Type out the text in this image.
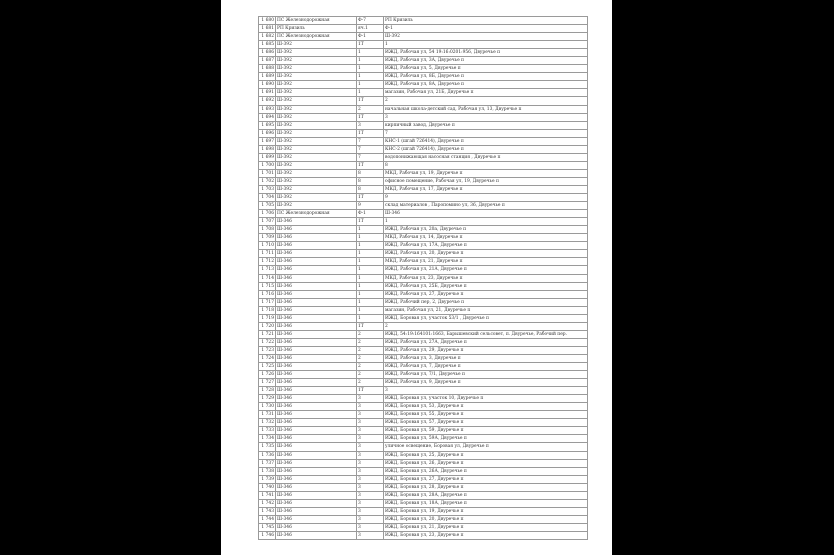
1 680	ПС Железнодорожная	Ф-7	РП Кризиль
1 681	РП Кризиль	яч.1	Ф-1
1 682	ПС Железнодорожная	Ф-1	Ш-392
1 685	Ш-392	1Т	1
1 686	Ш-392	1	ИЖД, Рабочая ул, 54 19:16:0201:956, Двуречье п
1 687	Ш-392	1	ИЖД, Рабочая ул, 3А, Двуречье п
1 688	Ш-392	1	ИЖД, Рабочая ул, 5, Двуречье п
1 689	Ш-392	1	ИЖД, Рабочая ул, 8Б, Двуречье п
1 690	Ш-392	1	ИЖД, Рабочая ул, 8А, Двуречье п
1 691	Ш-392	1	магазин, Рабочая ул, 21Б, Двуречье п
1 692	Ш-392	1Т	2
1 693	Ш-392	2	начальная школа-детский сад, Рабочая ул, 13, Двуречье п
1 694	Ш-392	1Т	3
1 695	Ш-392	3	кирпичный завод, Двуречье п
1 696	Ш-392	1Т	7
1 697	Ш-392	7	КНС-1 (шгай 726414), Двуречье п
1 698	Ш-392	7	КНС-2 (шгай 726414), Двуречье п
1 699	Ш-392	7	водопонижающая насосная станция , Двуречье п
1 700	Ш-392	1Т	8
1 701	Ш-392	8	МКД, Рабочая ул, 19, Двуречье п
1 702	Ш-392	8	офисное помещение, Рабочая ул, 19, Двуречье п
1 703	Ш-392	8	МКД, Рабочая ул, 17, Двуречье п
1 704	Ш-392	1Т	9
1 705	Ш-392	9	склад материалов , Паропомино ул, 36, Двуречье п
1 706	ПС Железнодорожная	Ф-1	Ш-346
1 707	Ш-346	1Т	1
1 708	Ш-346	1	ИЖД, Рабочая ул, 20а, Двуречье п
1 709	Ш-346	1	МКД, Рабочая ул, 14, Двуречье п
1 710	Ш-346	1	ИЖД, Рабочая ул, 17А, Двуречье п
1 711	Ш-346	1	ИЖД, Рабочая ул, 20, Двуречье п
1 712	Ш-346	1	МКД, Рабочая ул, 21, Двуречье п
1 713	Ш-346	1	ИЖД, Рабочая ул, 21А, Двуречье п
1 714	Ш-346	1	МКД, Рабочая ул, 23, Двуречье п
1 715	Ш-346	1	ИЖД, Рабочая ул, 25Б, Двуречье п
1 716	Ш-346	1	ИЖД, Рабочая ул, 27, Двуречье п
1 717	Ш-346	1	ИЖД, Рабочий пер, 2, Двуречье п
1 718	Ш-346	1	магазин, Рабочая ул, 21, Двуречье п
1 719	Ш-346	1	ИЖД, Боровая ул, участок 53/1 , Двуречье п
1 720	Ш-346	1Т	2
1 721	Ш-346	2	ИЖД, 54:19:164101:1663, Барышевский сельсовет, п. Двуречье, Рабочий пер.
1 722	Ш-346	2	ИЖД, Рабочая ул, 27А, Двуречье п
1 723	Ш-346	2	ИЖД, Рабочая ул, 29, Двуречье п
1 724	Ш-346	2	ИЖД, Рабочая ул, 3, Двуречье п
1 725	Ш-346	2	ИЖД, Рабочая ул, 7, Двуречье п
1 726	Ш-346	2	ИЖД, Рабочая ул, 7/1, Двуречье п
1 727	Ш-346	2	ИЖД, Рабочая ул, 9, Двуречье п
1 728	Ш-346	1Т	3
1 729	Ш-346	3	ИЖД, Боровая ул, участок 10, Двуречье п
1 730	Ш-346	3	ИЖД, Боровая ул, 53, Двуречье п
1 731	Ш-346	3	ИЖД, Боровая ул, 55, Двуречье п
1 732	Ш-346	3	ИЖД, Боровая ул, 57, Двуречье п
1 733	Ш-346	3	ИЖД, Боровая ул, 59, Двуречье п
1 734	Ш-346	3	ИЖД, Боровая ул, 59А, Двуречье п
1 735	Ш-346	3	уличное освещение, Боровая ул, Двуречье п
1 736	Ш-346	3	ИЖД, Боровая ул, 25, Двуречье п
1 737	Ш-346	3	ИЖД, Боровая ул, 26, Двуречье п
1 738	Ш-346	3	ИЖД, Боровая ул, 26А, Двуречье п
1 739	Ш-346	3	ИЖД, Боровая ул, 27, Двуречье п
1 740	Ш-346	3	ИЖД, Боровая ул, 28, Двуречье п
1 741	Ш-346	3	ИЖД, Боровая ул, 28А, Двуречье п
1 742	Ш-346	3	ИЖД, Боровая ул, 18А, Двуречье п
1 743	Ш-346	3	ИЖД, Боровая ул, 19, Двуречье п
1 744	Ш-346	3	ИЖД, Боровая ул, 20, Двуречье п
1 745	Ш-346	3	ИЖД, Боровая ул, 21, Двуречье п
1 746	Ш-346	3	ИЖД, Боровая ул, 23, Двуречье п
